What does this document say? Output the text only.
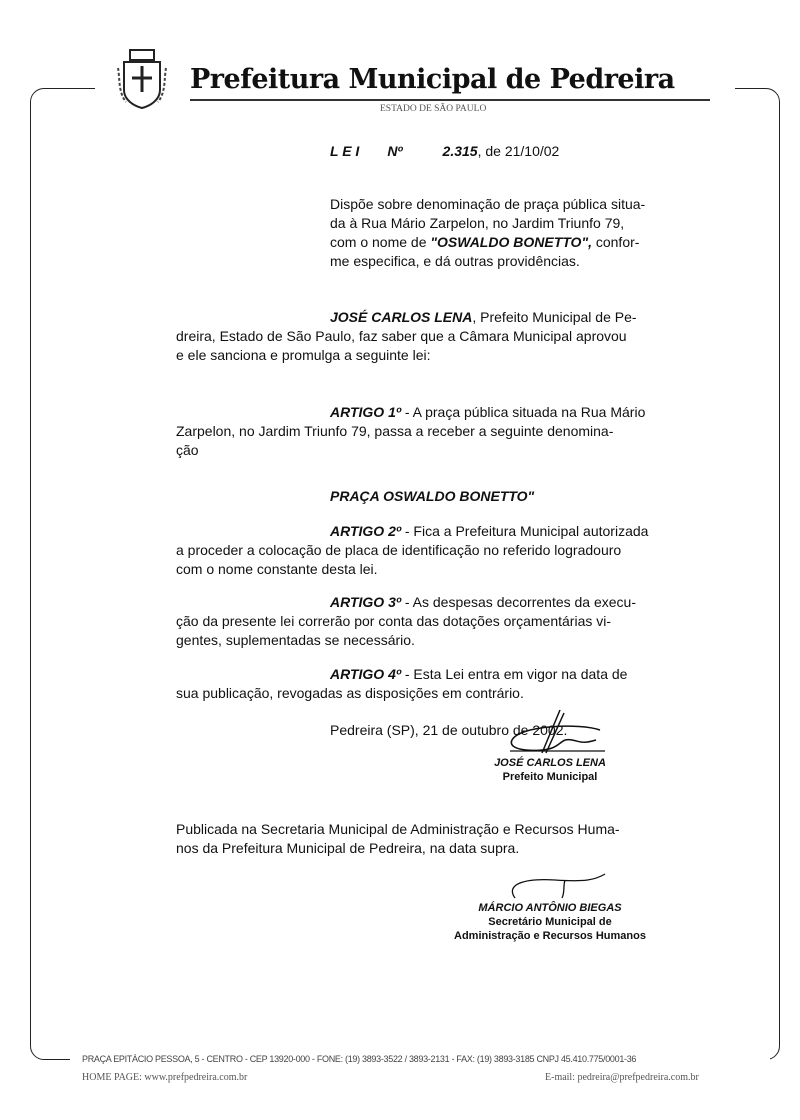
Prefeitura Municipal de Pedreira
ESTADO DE SÃO PAULO
L E I Nº	2.315, de 21/10/02
Dispõe sobre denominação de praça pública situa-
da à Rua Mário Zarpelon, no Jardim Triunfo 79,
com o nome de "OSWALDO BONETTO", confor-
me especifica, e dá outras providências.
JOSÉ CARLOS LENA, Prefeito Municipal de Pe-
dreira, Estado de São Paulo, faz saber que a Câmara Municipal aprovou
e ele sanciona e promulga a seguinte lei:
ARTIGO 1º - A praça pública situada na Rua Mário
Zarpelon, no Jardim Triunfo 79, passa a receber a seguinte denomina-
ção
PRAÇA OSWALDO BONETTO"
ARTIGO 2º - Fica a Prefeitura Municipal autorizada
a proceder a colocação de placa de identificação no referido logradouro
com o nome constante desta lei.
ARTIGO 3º - As despesas decorrentes da execu-
ção da presente lei correrão por conta das dotações orçamentárias vi-
gentes, suplementadas se necessário.
ARTIGO 4º - Esta Lei entra em vigor na data de
sua publicação, revogadas as disposições em contrário.
Pedreira (SP), 21 de outubro de 2002.
JOSÉ CARLOS LENA
Prefeito Municipal
Publicada na Secretaria Municipal de Administração e Recursos Huma-
nos da Prefeitura Municipal de Pedreira, na data supra.
MÁRCIO ANTÔNIO BIEGAS
Secretário Municipal de
Administração e Recursos Humanos
PRAÇA EPITÁCIO PESSOA, 5 - CENTRO - CEP 13920-000 - FONE: (19) 3893-3522 / 3893-2131 - FAX: (19) 3893-3185 CNPJ 45.410.775/0001-36
HOME PAGE: www.prefpedreira.com.br	E-mail: pedreira@prefpedreira.com.br
